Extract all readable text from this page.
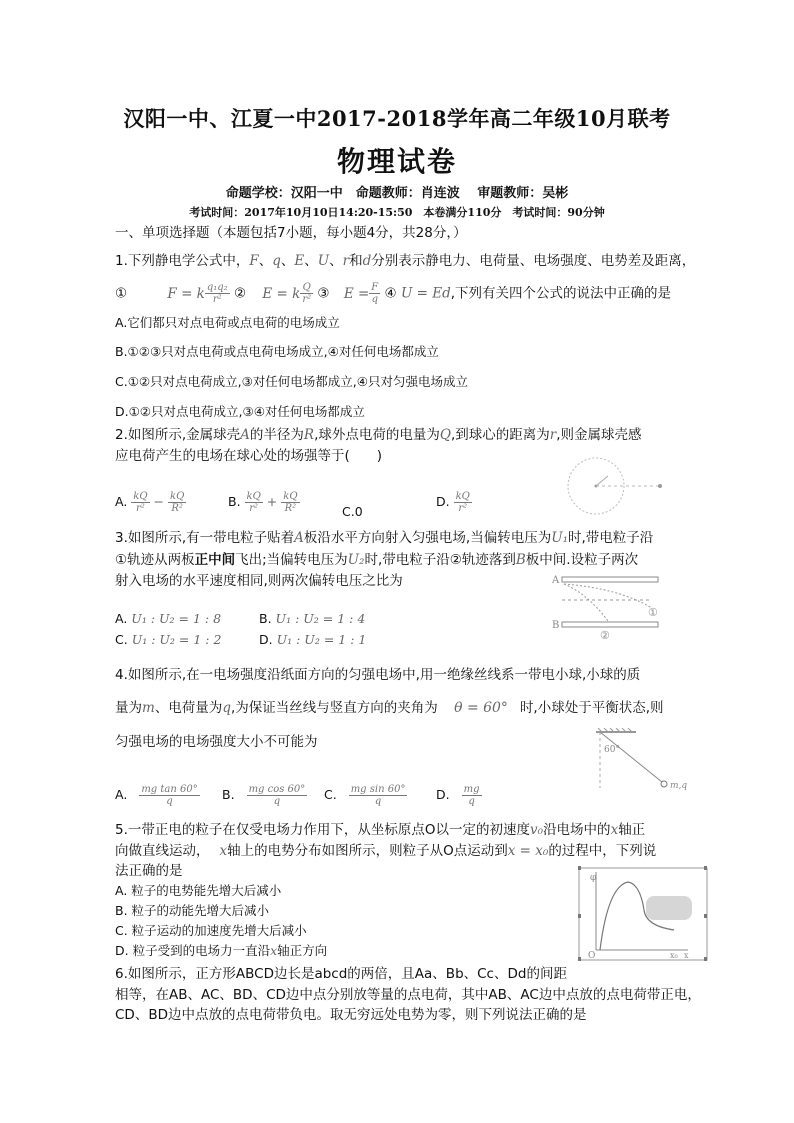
汉阳一中、江夏一中2017-2018学年高二年级10月联考
物理试卷
命题学校：汉阳一中　命题教师：肖连波　 审题教师：吴彬
考试时间：2017年10月10日14:20-15:50　本卷满分110分　考试时间：90分钟
一、单项选择题（本题包括7小题，每小题4分，共28分，）
1.下列静电学公式中，F、q、E、U、r和d分别表示静电力、电荷量、电场强度、电势差及距离，
①	F = k $\frac{\text{q₁q₂}}{\text{r²}}$ ② E = k $\frac{Q}{\text{r²}}$ ③ $E = \frac{F}{q}$ ④ U = Ed,下列有关四个公式的说法中正确的是
A.它们都只对点电荷或点电荷的电场成立
B.①②③只对点电荷或点电荷电场成立,④对任何电场都成立
C.①②只对点电荷成立,③对任何电场都成立,④只对匀强电场成立
D.①②只对点电荷成立,③④对任何电场都成立
2.如图所示,金属球壳A的半径为R,球外点电荷的电量为Q,到球心的距离为r,则金属球壳感
应电荷产生的电场在球心处的场强等于(　　)
A. $\frac{kQ}{\text{r²}} - \frac{kQ}{\text{R²}}$	B. $\frac{kQ}{\text{r²}} + \frac{kQ}{\text{R²}}$	C.0
D. $\frac{kQ}{\text{r²}}$
3.如图所示,有一带电粒子贴着A板沿水平方向射入匀强电场,当偏转电压为U₁时,带电粒子沿
①轨迹从两板正中间飞出;当偏转电压为U₂时,带电粒子沿②轨迹落到B板中间.设粒子两次
射入电场的水平速度相同,则两次偏转电压之比为	A
①
B
②
A. U₁ : U₂ = 1 : 8	B. U₁ : U₂ = 1 : 4
C. U₁ : U₂ = 1 : 2	D. U₁ : U₂ = 1 : 1
4.如图所示,在一电场强度沿纸面方向的匀强电场中,用一绝缘丝线系一带电小球,小球的质
量为m、电荷量为q,为保证当丝线与竖直方向的夹角为 θ = 60° 时,小球处于平衡状态,则
匀强电场的电场强度大小不可能为	60°
m,q
A. $\frac{\text{mg tan 60°}}{q} B$. $\frac{\text{mg cos 60°}}{q} C$. $\frac{\text{mg sin 60°}}{q} D$. $\frac{mg}{q}$
5.一带正电的粒子在仅受电场力作用下，从坐标原点O以一定的初速度v₀沿电场中的x轴正
向做直线运动， x轴上的电势分布如图所示，则粒子从O点运动到x = x₀的过程中，下列说
法正确的是
A. 粒子的电势能先增大后减小
B. 粒子的动能先增大后减小
C. 粒子运动的加速度先增大后减小
D. 粒子受到的电场力一直沿x轴正方向
φ
O	x₀ x
6.如图所示，正方形ABCD边长是abcd的两倍，且Aa、Bb、Cc、Dd的间距
相等，在AB、AC、BD、CD边中点分别放等量的点电荷，其中AB、AC边中点放的点电荷带正电，
CD、BD边中点放的点电荷带负电。取无穷远处电势为零，则下列说法正确的是
